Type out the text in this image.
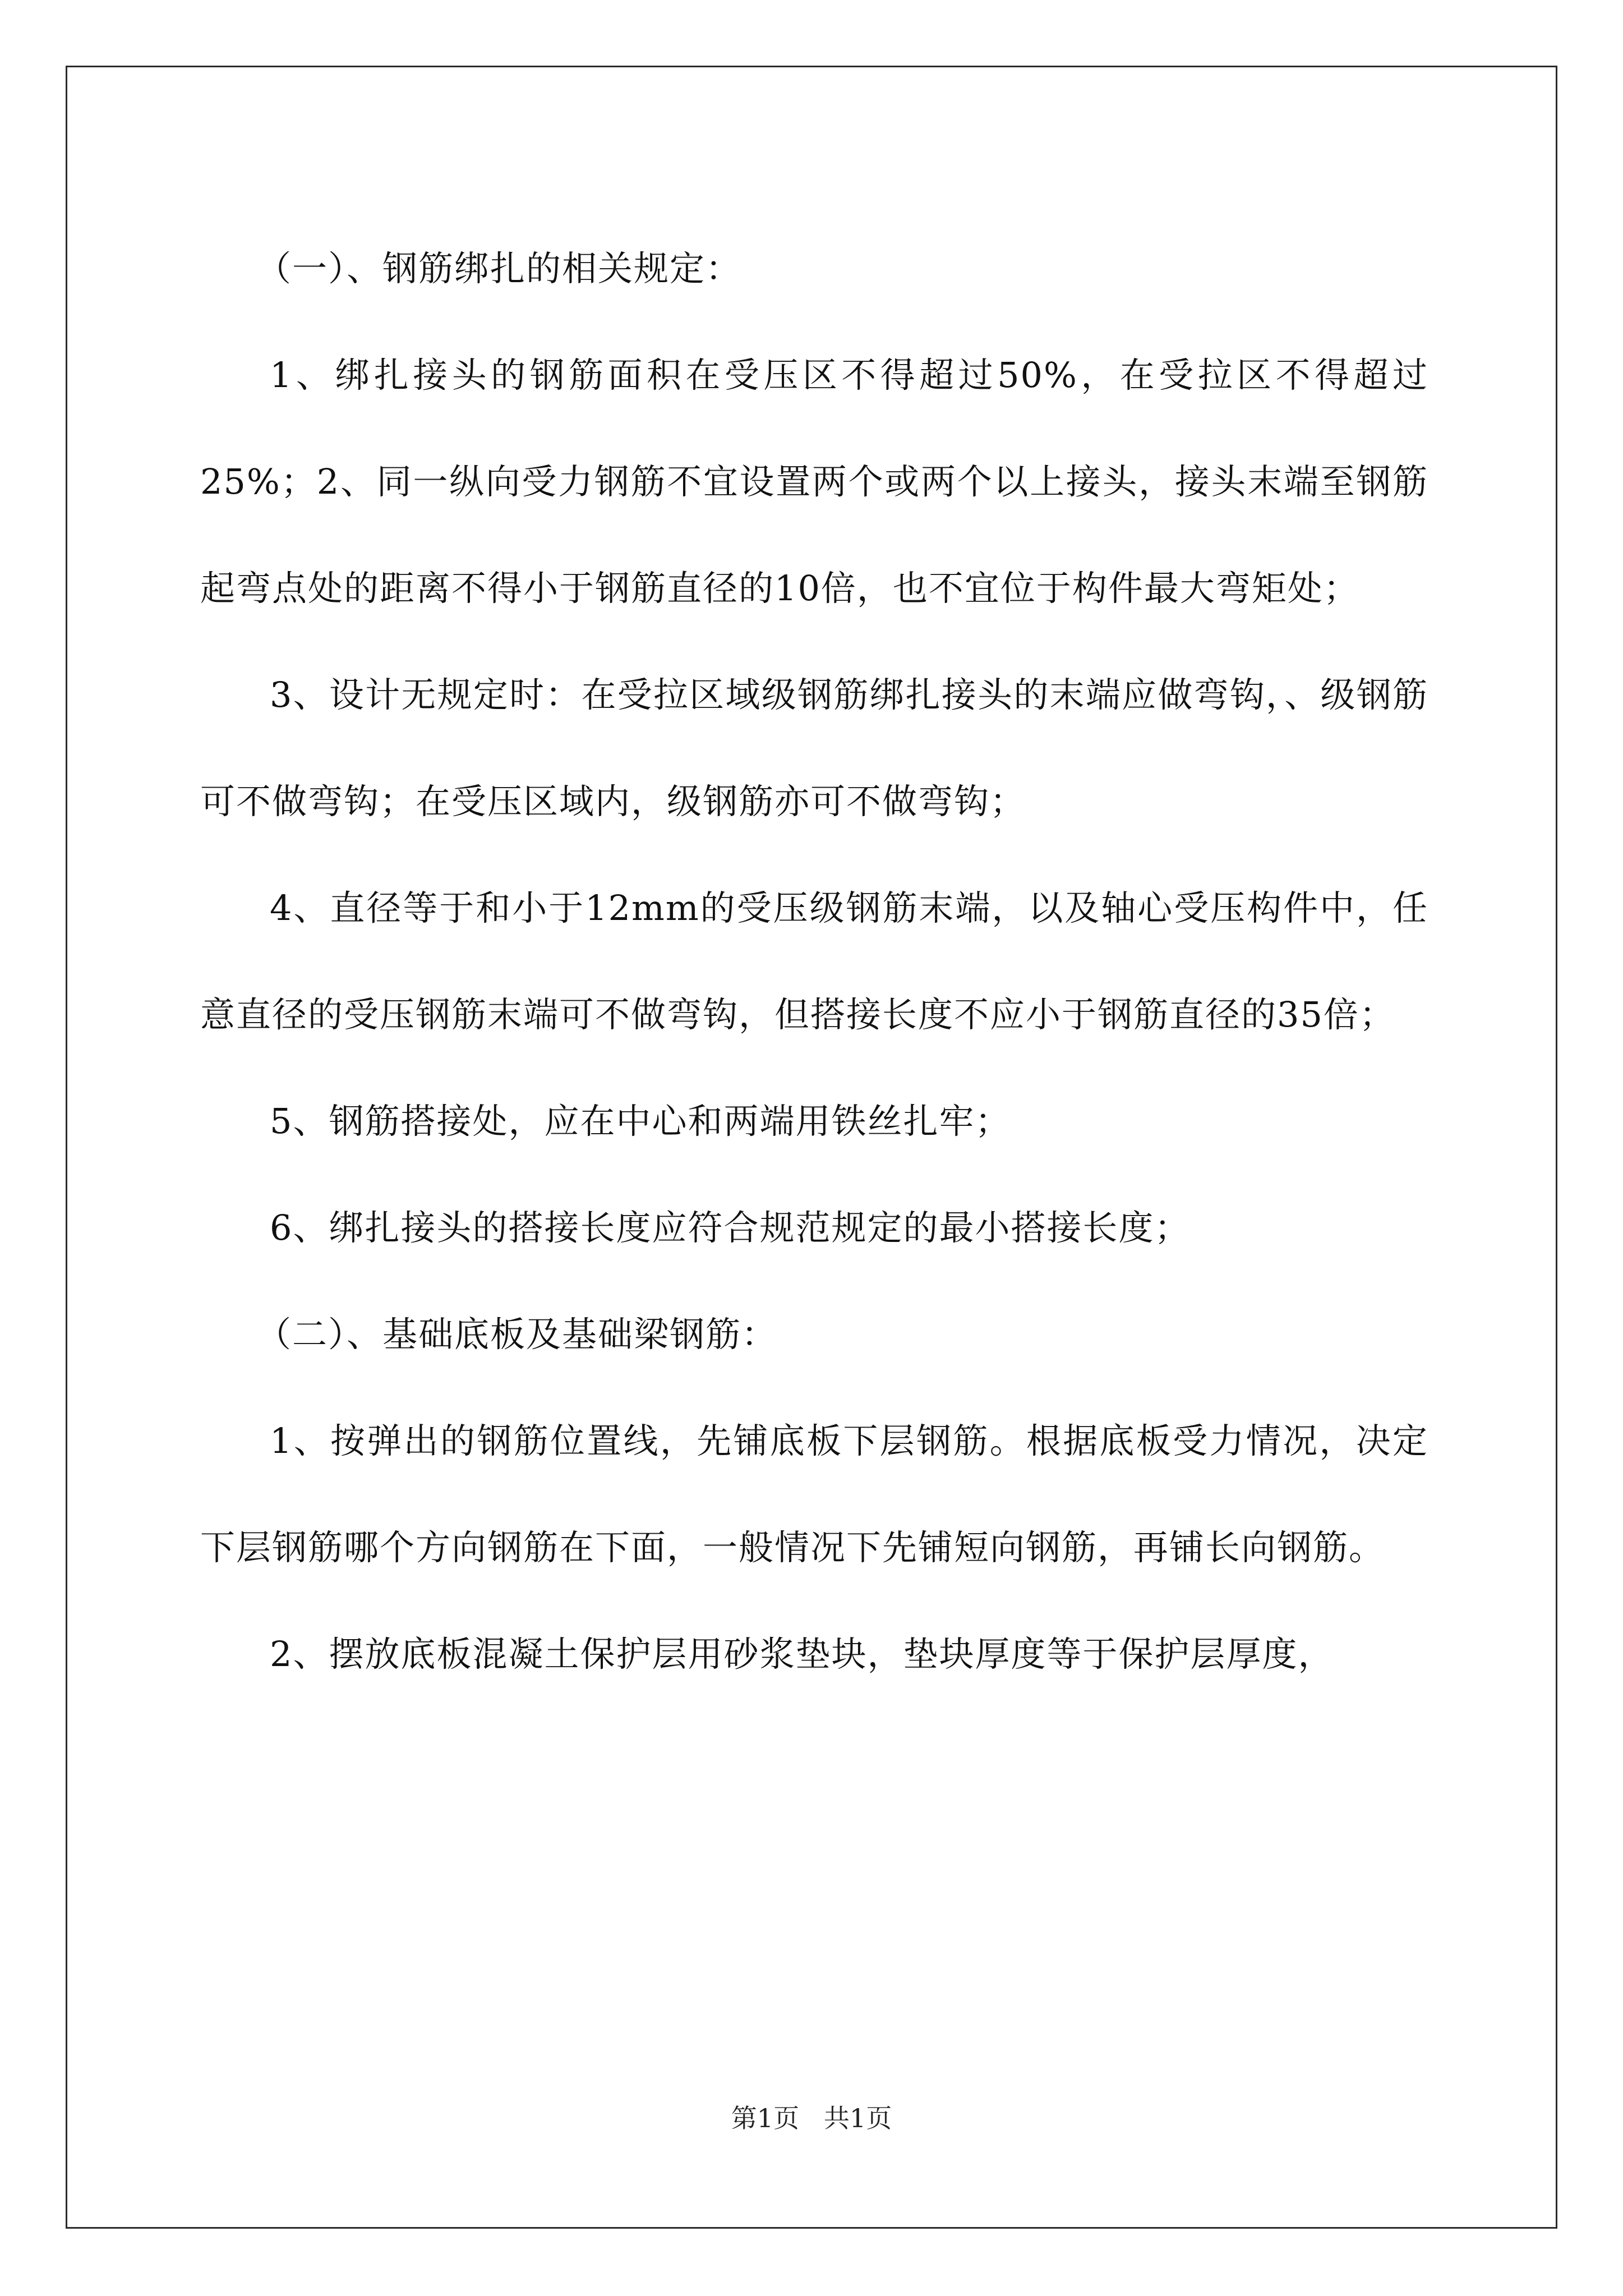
（一）、钢筋绑扎的相关规定：

1、绑扎接头的钢筋面积在受压区不得超过50%，在受拉区不得超过25%；2、同一纵向受力钢筋不宜设置两个或两个以上接头，接头末端至钢筋起弯点处的距离不得小于钢筋直径的10倍，也不宜位于构件最大弯矩处；

3、设计无规定时：在受拉区域级钢筋绑扎接头的末端应做弯钩，、级钢筋可不做弯钩；在受压区域内，级钢筋亦可不做弯钩；

4、直径等于和小于12mm的受压级钢筋末端，以及轴心受压构件中，任意直径的受压钢筋末端可不做弯钩，但搭接长度不应小于钢筋直径的35倍；

5、钢筋搭接处，应在中心和两端用铁丝扎牢；

6、绑扎接头的搭接长度应符合规范规定的最小搭接长度；

（二）、基础底板及基础梁钢筋：

1、按弹出的钢筋位置线，先铺底板下层钢筋。根据底板受力情况，决定下层钢筋哪个方向钢筋在下面，一般情况下先铺短向钢筋，再铺长向钢筋。

2、摆放底板混凝土保护层用砂浆垫块，垫块厚度等于保护层厚度，

第1页   共1页
